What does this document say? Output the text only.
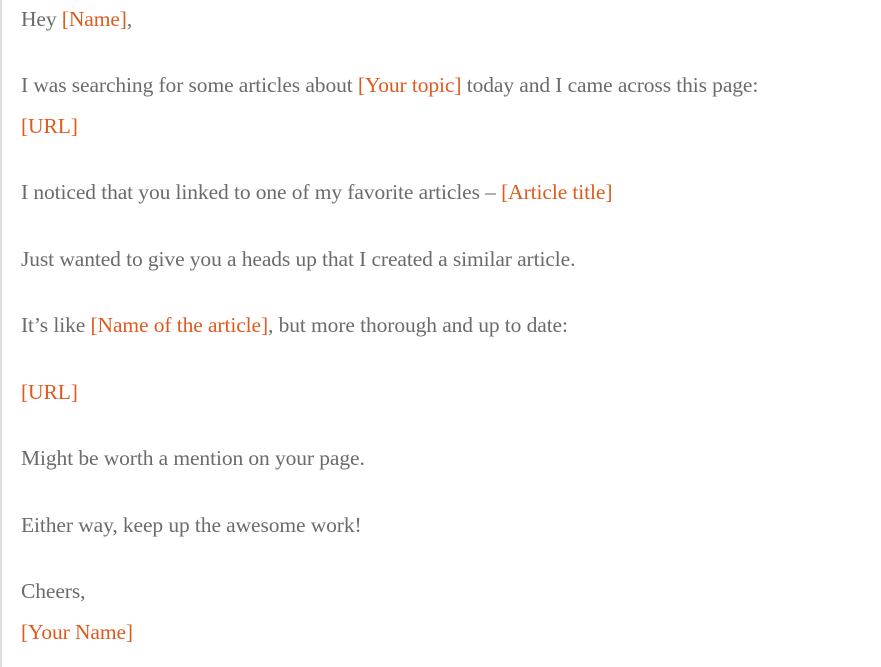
Hey [Name],
I was searching for some articles about [Your topic] today and I came across this page:
[URL]
I noticed that you linked to one of my favorite articles – [Article title]
Just wanted to give you a heads up that I created a similar article.
It’s like [Name of the article], but more thorough and up to date:
[URL]
Might be worth a mention on your page.
Either way, keep up the awesome work!
Cheers,
[Your Name]
